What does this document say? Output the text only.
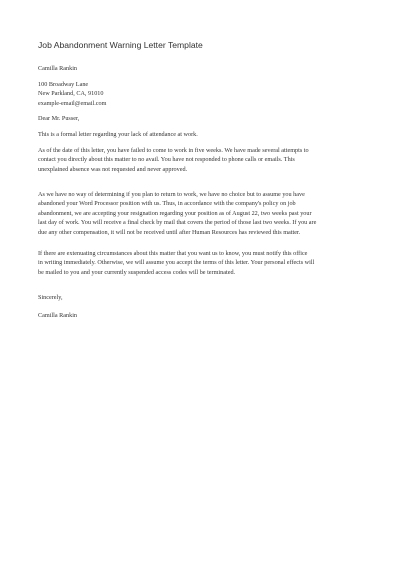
Job Abandonment Warning Letter Template
Camilla Rankin
100 Broadway Lane
New Parkland, CA, 91010
example-email@email.com
Dear Mr. Pusser,
This is a formal letter regarding your lack of attendance at work.
As of the date of this letter, you have failed to come to work in five weeks. We have made several attempts to
contact you directly about this matter to no avail. You have not responded to phone calls or emails. This
unexplained absence was not requested and never approved.
As we have no way of determining if you plan to return to work, we have no choice but to assume you have
abandoned your Word Processor position with us. Thus, in accordance with the company's policy on job
abandonment, we are accepting your resignation regarding your position as of August 22, two weeks past your
last day of work. You will receive a final check by mail that covers the period of those last two weeks. If you are
due any other compensation, it will not be received until after Human Resources has reviewed this matter.
If there are extenuating circumstances about this matter that you want us to know, you must notify this office
in writing immediately. Otherwise, we will assume you accept the terms of this letter. Your personal effects will
be mailed to you and your currently suspended access codes will be terminated.
Sincerely,
Camilla Rankin
